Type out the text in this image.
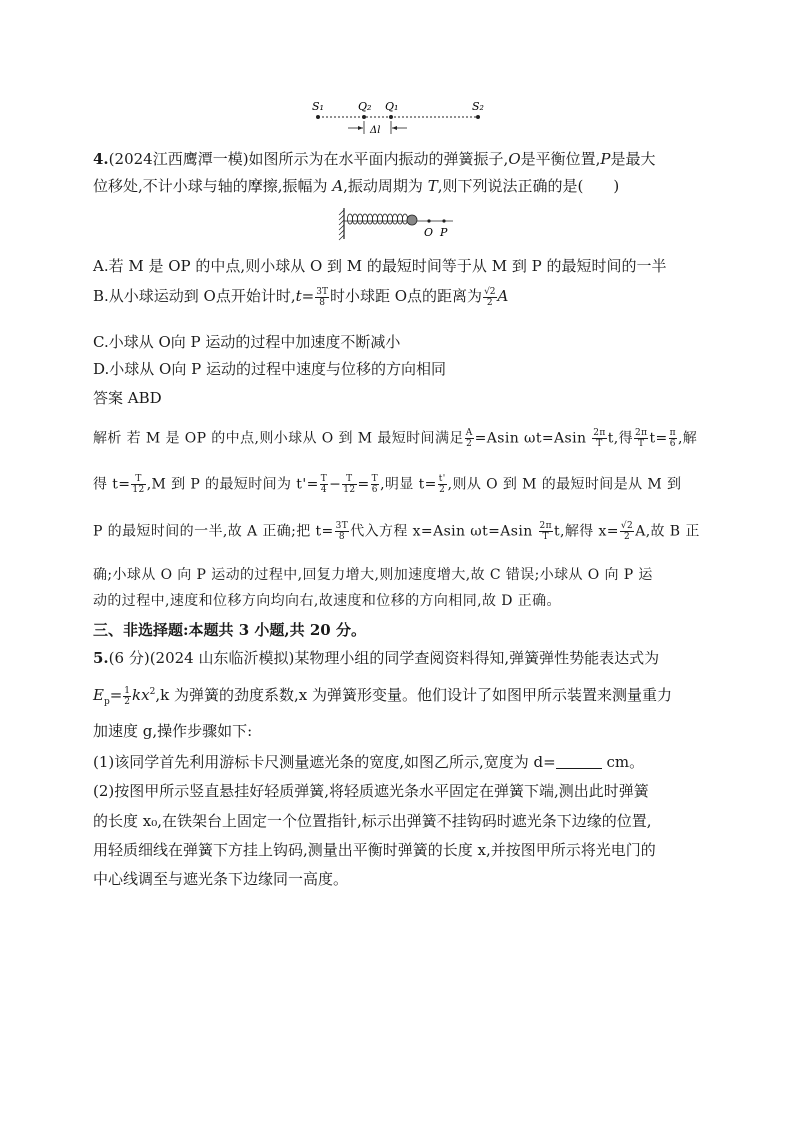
S₁	Q₂ Q₁	S₂
Δl
4.(2024江西鹰潭一模)如图所示为在水平面内振动的弹簧振子,O是平衡位置,P是最大
位移处,不计小球与轴的摩擦,振幅为 A,振动周期为 T,则下列说法正确的是(　　)
O P
A.若 M 是 OP 的中点,则小球从 O 到 M 的最短时间等于从 M 到 P 的最短时间的一半
B.从小球运动到 O点开始计时$,t= \frac{3T}{8}$ 时小球距 O点的距离为 $\frac{√2}{2}$ A
C.小球从 O向 P 运动的过程中加速度不断减小
D.小球从 O向 P 运动的过程中速度与位移的方向相同
答案 ABD
解析 若 M 是 OP 的中点,则小球从 O 到 M 最短时间满足 $\frac{A}{2} =Asin$ $\omega t=Asin \frac{2\pi}{T} t$,得 $\frac{2\pi}{T} t= \frac{\pi}{6}$ ,解
得 $t= \frac{T}{12} ,M$ 到 P 的最短时间为 $t'= \frac{T}{4} - \frac{T}{12} = \frac{T}{6}$ ,明显 $t= \frac{t'}{2}$ ,则从 O 到 M 的最短时间是从 M 到
P 的最短时间的一半,故 A 正确;把 $t= \frac{3T}{8}$ 代入方程 x=Asin $\omega t=Asin \frac{2\pi}{T} t$,解得 $x= \frac{√2}{2} A$,故 B 正
确;小球从 O 向 P 运动的过程中,回复力增大,则加速度增大,故 C 错误;小球从 O 向 P 运
动的过程中,速度和位移方向均向右,故速度和位移的方向相同,故 D 正确。
三、非选择题:本题共 3 小题,共 20 分。
5.(6 分)(2024 山东临沂模拟)某物理小组的同学查阅资料得知,弹簧弹性势能表达式为
$E_p= \frac{1}{2} kx^2,k$ 为弹簧的劲度系数,x 为弹簧形变量。他们设计了如图甲所示装置来测量重力
加速度 g,操作步骤如下:
(1)该同学首先利用游标卡尺测量遮光条的宽度,如图乙所示,宽度为 d=	cm。
(2)按图甲所示竖直悬挂好轻质弹簧,将轻质遮光条水平固定在弹簧下端,测出此时弹簧
的长度 x₀,在铁架台上固定一个位置指针,标示出弹簧不挂钩码时遮光条下边缘的位置,
用轻质细线在弹簧下方挂上钩码,测量出平衡时弹簧的长度 x,并按图甲所示将光电门的
中心线调至与遮光条下边缘同一高度。
